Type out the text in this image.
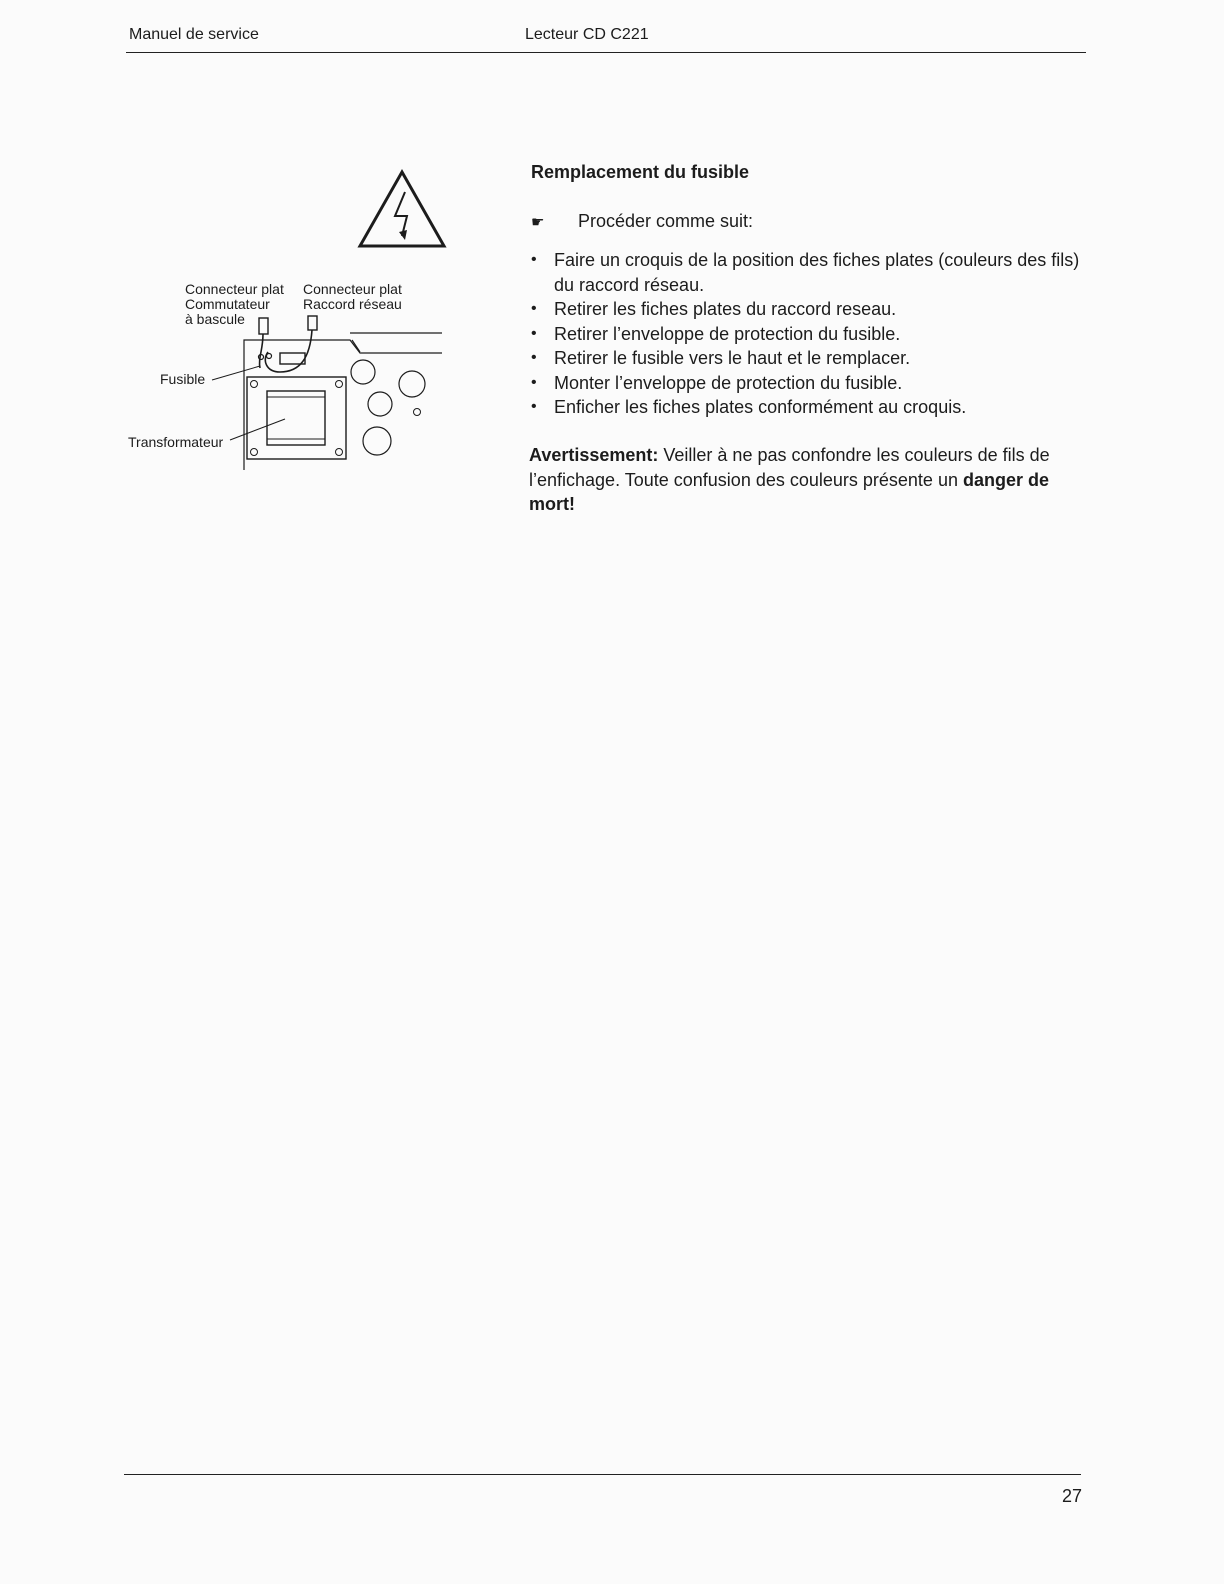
Manuel de service	Lecteur CD C221
Connecteur plat
Commutateur
à bascule
Connecteur plat
Raccord réseau
Fusible
Transformateur
Remplacement du fusible
☛ Procéder comme suit:
• Faire un croquis de la position des fiches plates (couleurs des fils) du raccord réseau.
• Retirer les fiches plates du raccord reseau.
• Retirer l’enveloppe de protection du fusible.
• Retirer le fusible vers le haut et le remplacer.
• Monter l’enveloppe de protection du fusible.
• Enficher les fiches plates conformément au croquis.
Avertissement: Veiller à ne pas confondre les couleurs de fils de l’enfichage. Toute confusion des couleurs présente un danger de mort!
27
